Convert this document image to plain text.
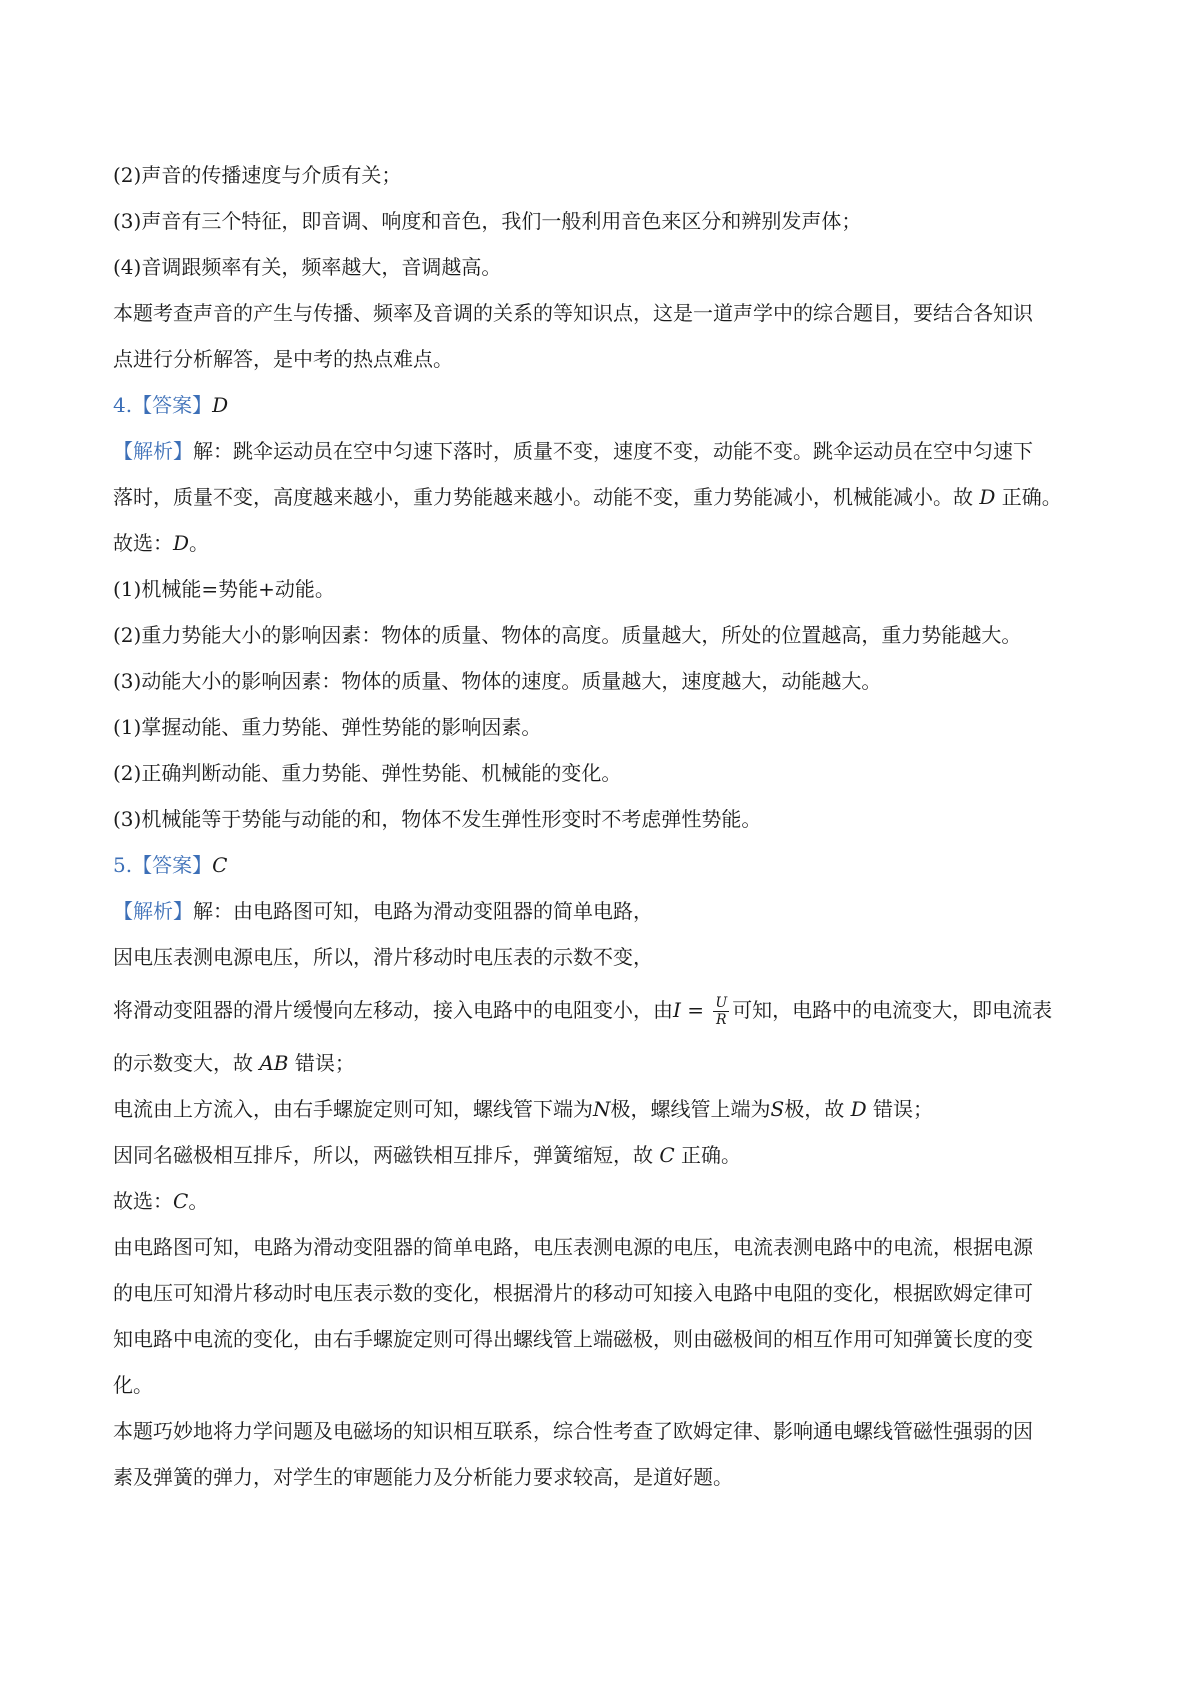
(2)声音的传播速度与介质有关；
(3)声音有三个特征，即音调、响度和音色，我们一般利用音色来区分和辨别发声体；
(4)音调跟频率有关，频率越大，音调越高。
本题考查声音的产生与传播、频率及音调的关系的等知识点，这是一道声学中的综合题目，要结合各知识
点进行分析解答，是中考的热点难点。
4.【答案】D
【解析】解：跳伞运动员在空中匀速下落时，质量不变，速度不变，动能不变。跳伞运动员在空中匀速下
落时，质量不变，高度越来越小，重力势能越来越小。动能不变，重力势能减小，机械能减小。故 D 正确。
故选：D。
(1)机械能=势能+动能。
(2)重力势能大小的影响因素：物体的质量、物体的高度。质量越大，所处的位置越高，重力势能越大。
(3)动能大小的影响因素：物体的质量、物体的速度。质量越大，速度越大，动能越大。
(1)掌握动能、重力势能、弹性势能的影响因素。
(2)正确判断动能、重力势能、弹性势能、机械能的变化。
(3)机械能等于势能与动能的和，物体不发生弹性形变时不考虑弹性势能。
5.【答案】C
【解析】解：由电路图可知，电路为滑动变阻器的简单电路，
因电压表测电源电压，所以，滑片移动时电压表的示数不变，
将滑动变阻器的滑片缓慢向左移动，接入电路中的电阻变小，由$I = \frac{U}{R}$ 可知，电路中的电流变大，即电流表
的示数变大，故 AB 错误；
电流由上方流入，由右手螺旋定则可知，螺线管下端为N极，螺线管上端为S极，故 D 错误；
因同名磁极相互排斥，所以，两磁铁相互排斥，弹簧缩短，故 C 正确。
故选：C。
由电路图可知，电路为滑动变阻器的简单电路，电压表测电源的电压，电流表测电路中的电流，根据电源
的电压可知滑片移动时电压表示数的变化，根据滑片的移动可知接入电路中电阻的变化，根据欧姆定律可
知电路中电流的变化，由右手螺旋定则可得出螺线管上端磁极，则由磁极间的相互作用可知弹簧长度的变
化。
本题巧妙地将力学问题及电磁场的知识相互联系，综合性考查了欧姆定律、影响通电螺线管磁性强弱的因
素及弹簧的弹力，对学生的审题能力及分析能力要求较高，是道好题。
